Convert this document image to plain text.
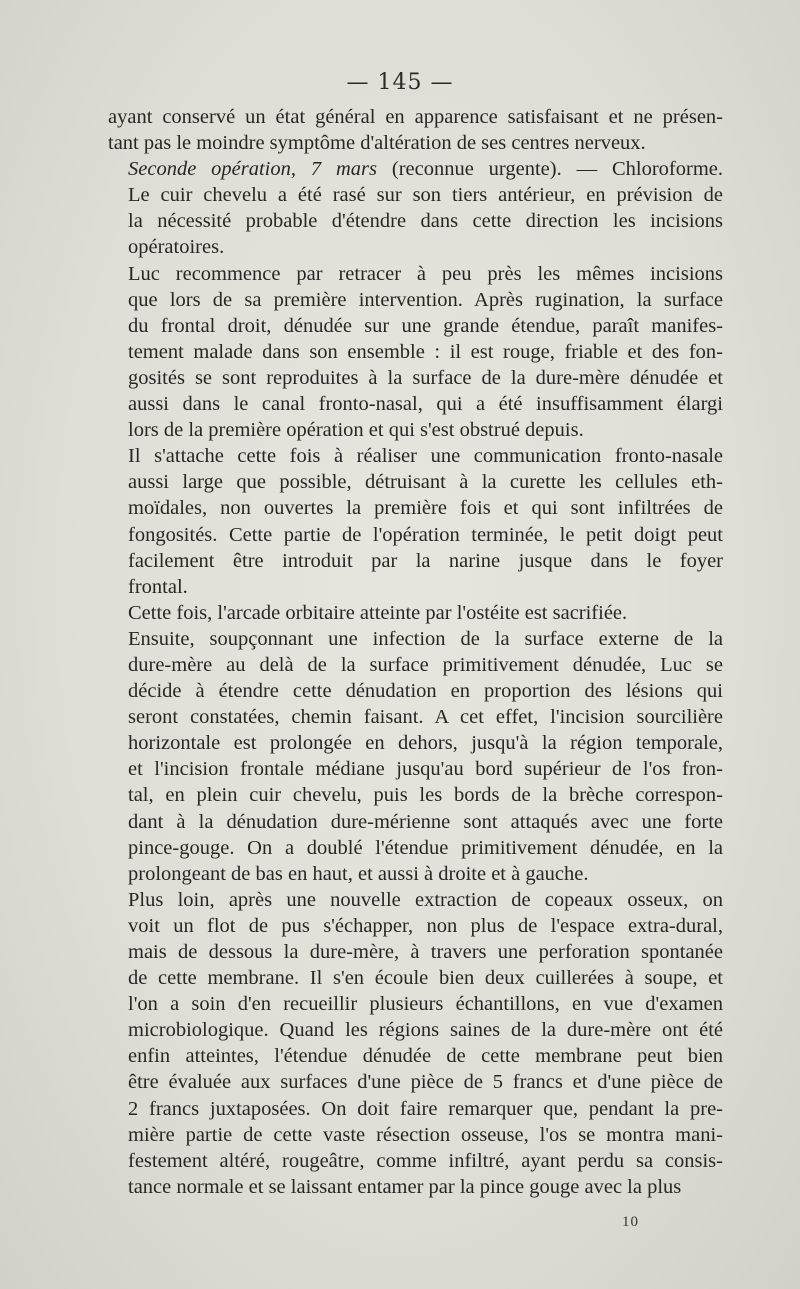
— 145 —

ayant conservé un état général en apparence satisfaisant et ne présen-
tant pas le moindre symptôme d'altération de ses centres nerveux.

Seconde opération, 7 mars (reconnue urgente). — Chloroforme.
Le cuir chevelu a été rasé sur son tiers antérieur, en prévision de
la nécessité probable d'étendre dans cette direction les incisions
opératoires.

Luc recommence par retracer à peu près les mêmes incisions
que lors de sa première intervention. Après rugination, la surface
du frontal droit, dénudée sur une grande étendue, paraît manifes-
tement malade dans son ensemble : il est rouge, friable et des fon-
gosités se sont reproduites à la surface de la dure-mère dénudée et
aussi dans le canal fronto-nasal, qui a été insuffisamment élargi
lors de la première opération et qui s'est obstrué depuis.

Il s'attache cette fois à réaliser une communication fronto-nasale
aussi large que possible, détruisant à la curette les cellules eth-
moïdales, non ouvertes la première fois et qui sont infiltrées de
fongosités. Cette partie de l'opération terminée, le petit doigt peut
facilement être introduit par la narine jusque dans le foyer
frontal.

Cette fois, l'arcade orbitaire atteinte par l'ostéite est sacrifiée.

Ensuite, soupçonnant une infection de la surface externe de la
dure-mère au delà de la surface primitivement dénudée, Luc se
décide à étendre cette dénudation en proportion des lésions qui
seront constatées, chemin faisant. A cet effet, l'incision sourcilière
horizontale est prolongée en dehors, jusqu'à la région temporale,
et l'incision frontale médiane jusqu'au bord supérieur de l'os fron-
tal, en plein cuir chevelu, puis les bords de la brèche correspon-
dant à la dénudation dure-mérienne sont attaqués avec une forte
pince-gouge. On a doublé l'étendue primitivement dénudée, en la
prolongeant de bas en haut, et aussi à droite et à gauche.

Plus loin, après une nouvelle extraction de copeaux osseux, on
voit un flot de pus s'échapper, non plus de l'espace extra-dural,
mais de dessous la dure-mère, à travers une perforation spontanée
de cette membrane. Il s'en écoule bien deux cuillerées à soupe, et
l'on a soin d'en recueillir plusieurs échantillons, en vue d'examen
microbiologique. Quand les régions saines de la dure-mère ont été
enfin atteintes, l'étendue dénudée de cette membrane peut bien
être évaluée aux surfaces d'une pièce de 5 francs et d'une pièce de
2 francs juxtaposées. On doit faire remarquer que, pendant la pre-
mière partie de cette vaste résection osseuse, l'os se montra mani-
festement altéré, rougeâtre, comme infiltré, ayant perdu sa consis-
tance normale et se laissant entamer par la pince gouge avec la plus

10
